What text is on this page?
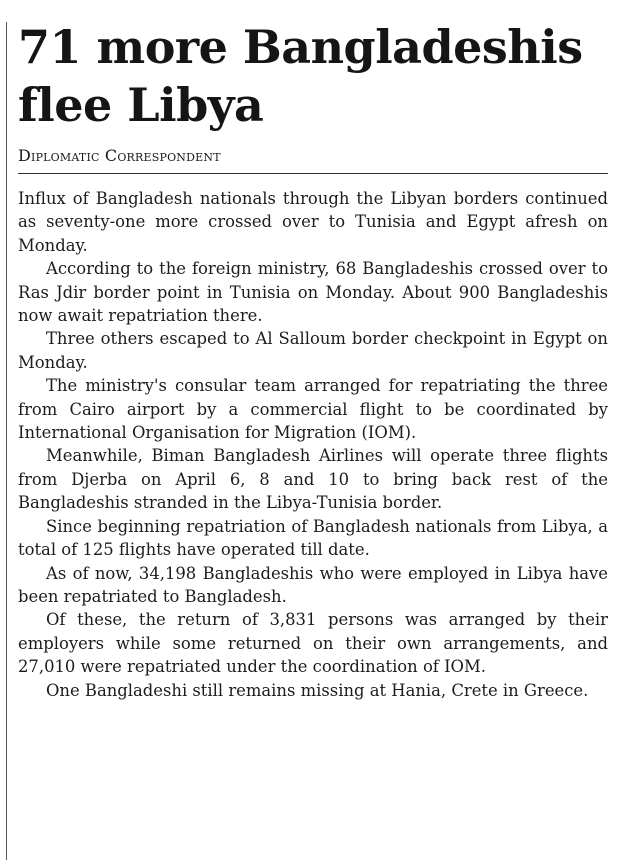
71 more Bangladeshis
flee Libya
Diplomatic Correspondent

Influx of Bangladesh nationals through the Libyan borders continued as seventy-one more crossed over to Tunisia and Egypt afresh on Monday.

According to the foreign ministry, 68 Bangladeshis crossed over to Ras Jdir border point in Tunisia on Monday. About 900 Bangladeshis now await repatriation there.

Three others escaped to Al Salloum border checkpoint in Egypt on Monday.

The ministry's consular team arranged for repatriating the three from Cairo airport by a commercial flight to be coordinated by International Organisation for Migration (IOM).

Meanwhile, Biman Bangladesh Airlines will operate three flights from Djerba on April 6, 8 and 10 to bring back rest of the Bangladeshis stranded in the Libya-Tunisia border.

Since beginning repatriation of Bangladesh nationals from Libya, a total of 125 flights have operated till date.

As of now, 34,198 Bangladeshis who were employed in Libya have been repatriated to Bangladesh.

Of these, the return of 3,831 persons was arranged by their employers while some returned on their own arrangements, and 27,010 were repatriated under the coordination of IOM.

One Bangladeshi still remains missing at Hania, Crete in Greece.
